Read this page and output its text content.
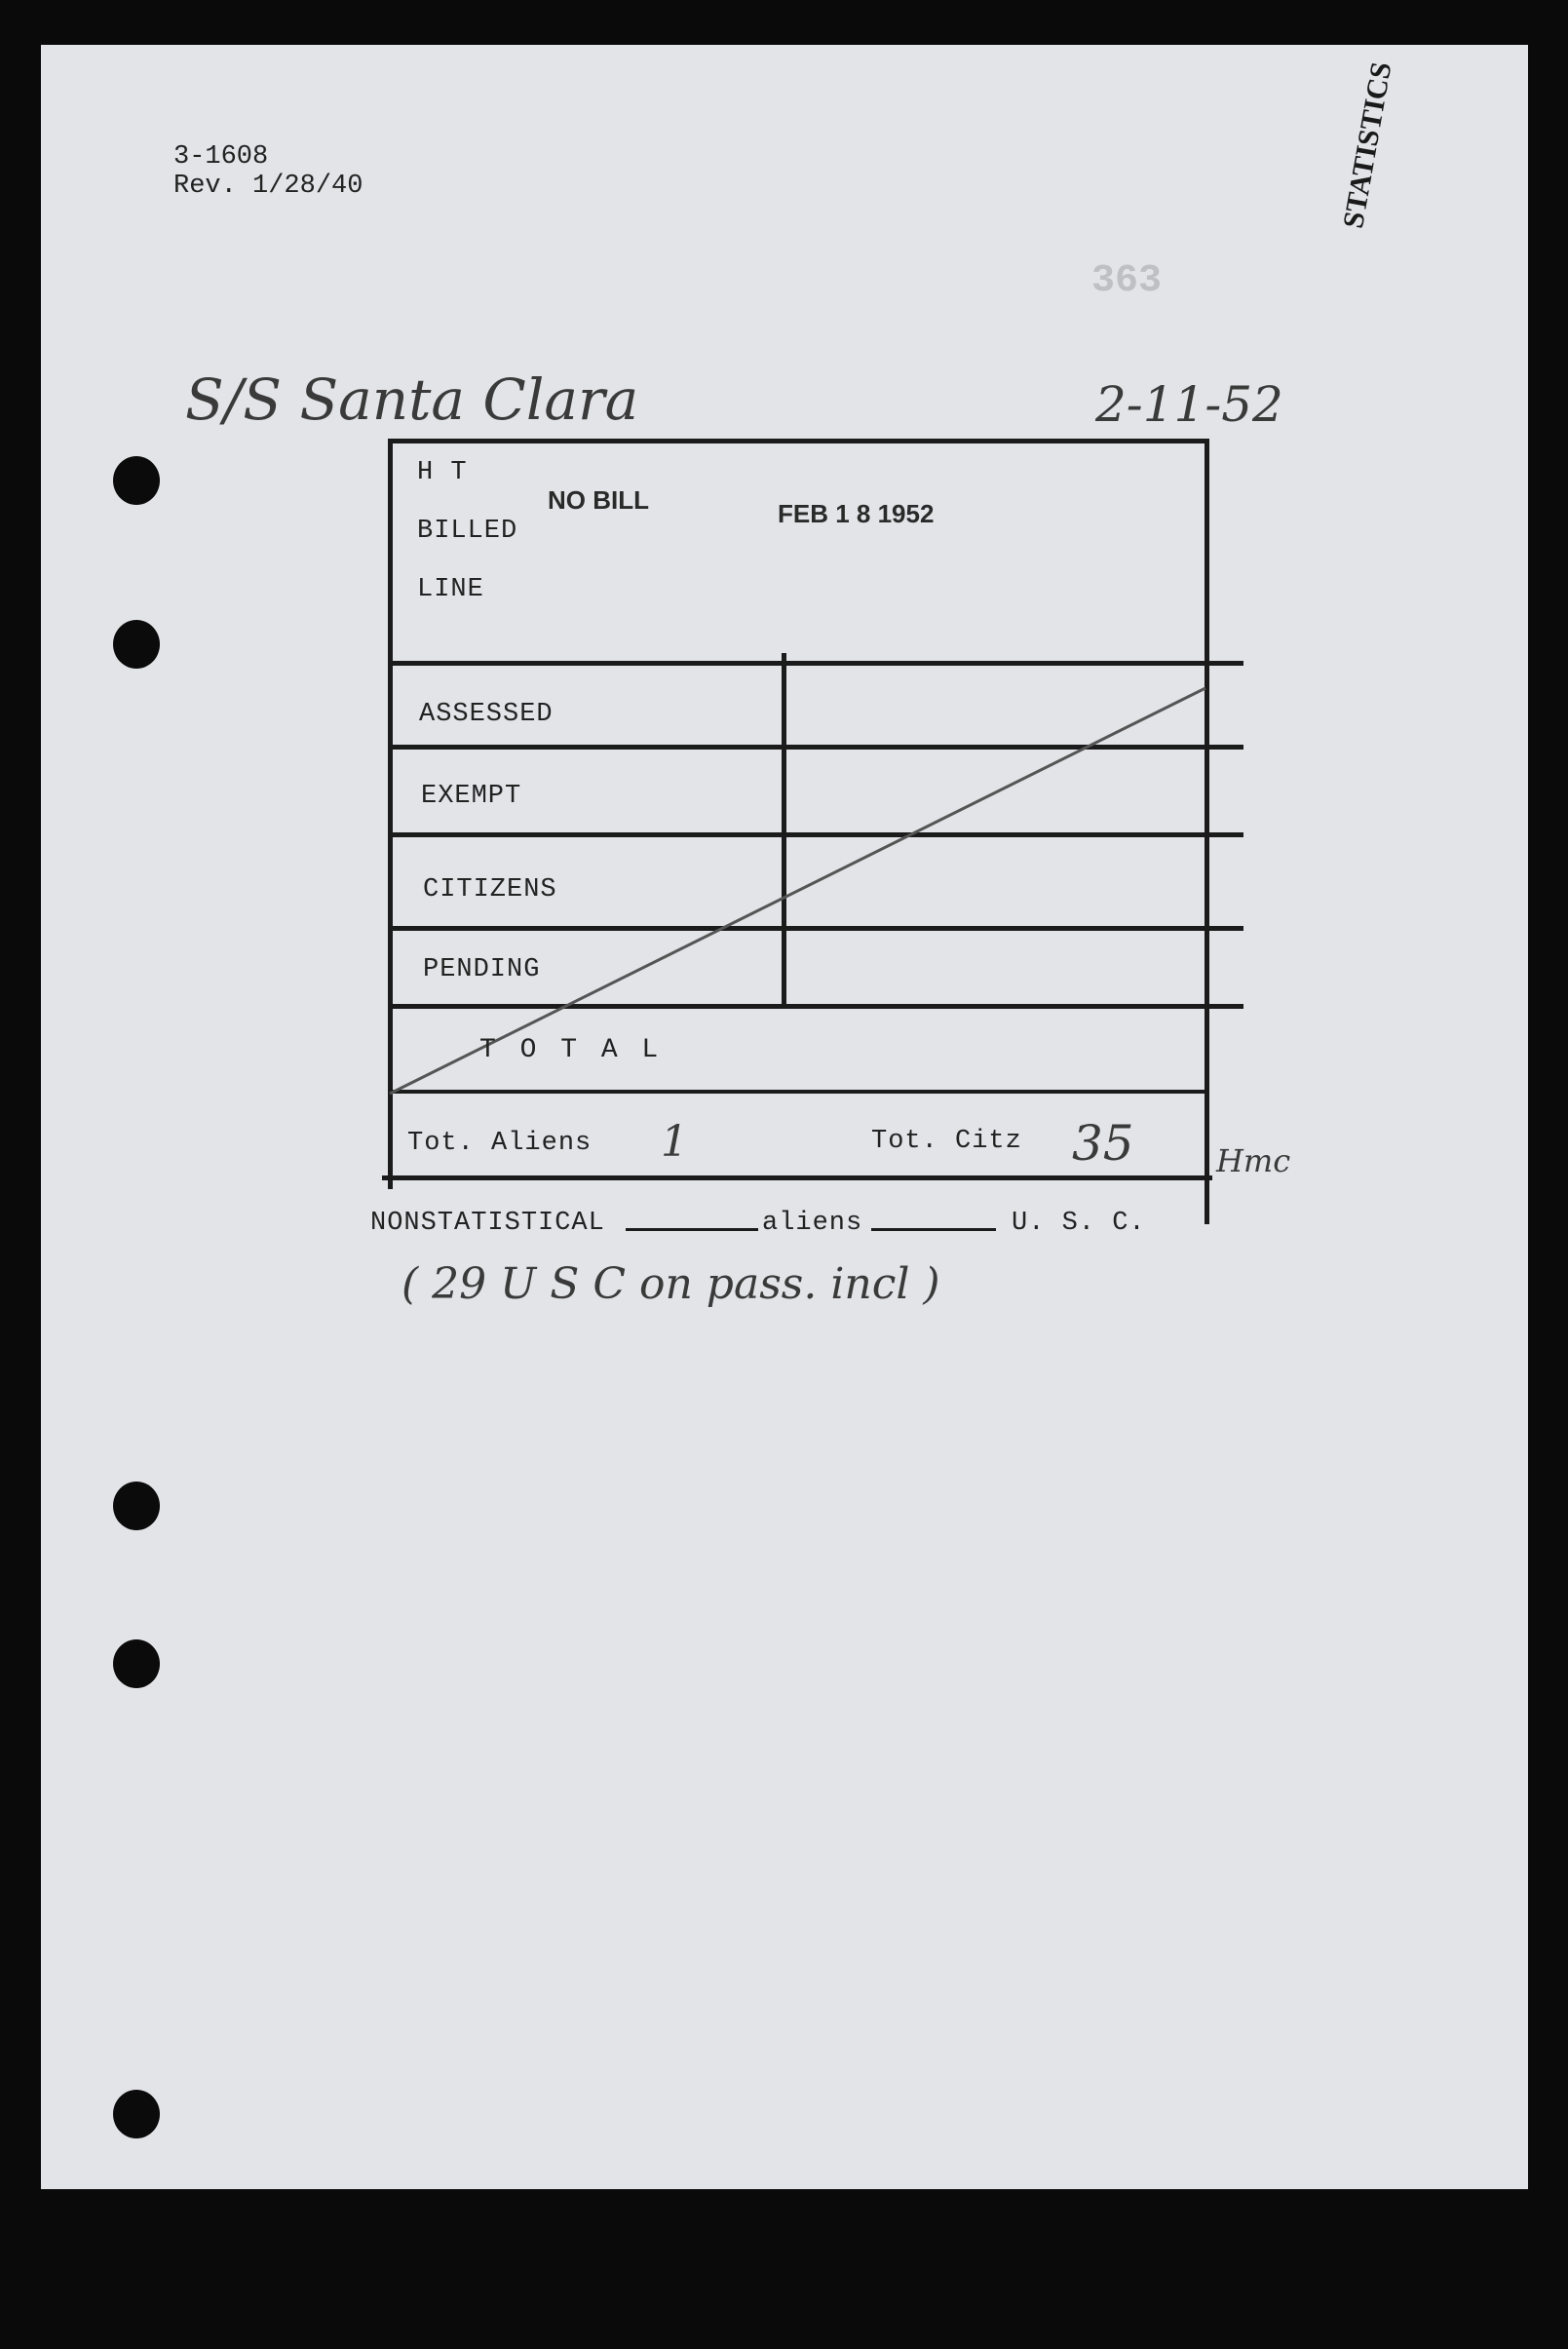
3-1608
Rev. 1/28/40
363
STATISTICS
S/S Santa Clara	2-11-52
H T
BILLED
LINE
NO BILL	FEB 1 8 1952
ASSESSED
EXEMPT
CITIZENS
PENDING
T O T A L
Tot. Aliens 1	Tot. Citz 35	Hmc
NONSTATISTICAL	aliens	U. S. C.
( 29 U S C on pass. incl )
